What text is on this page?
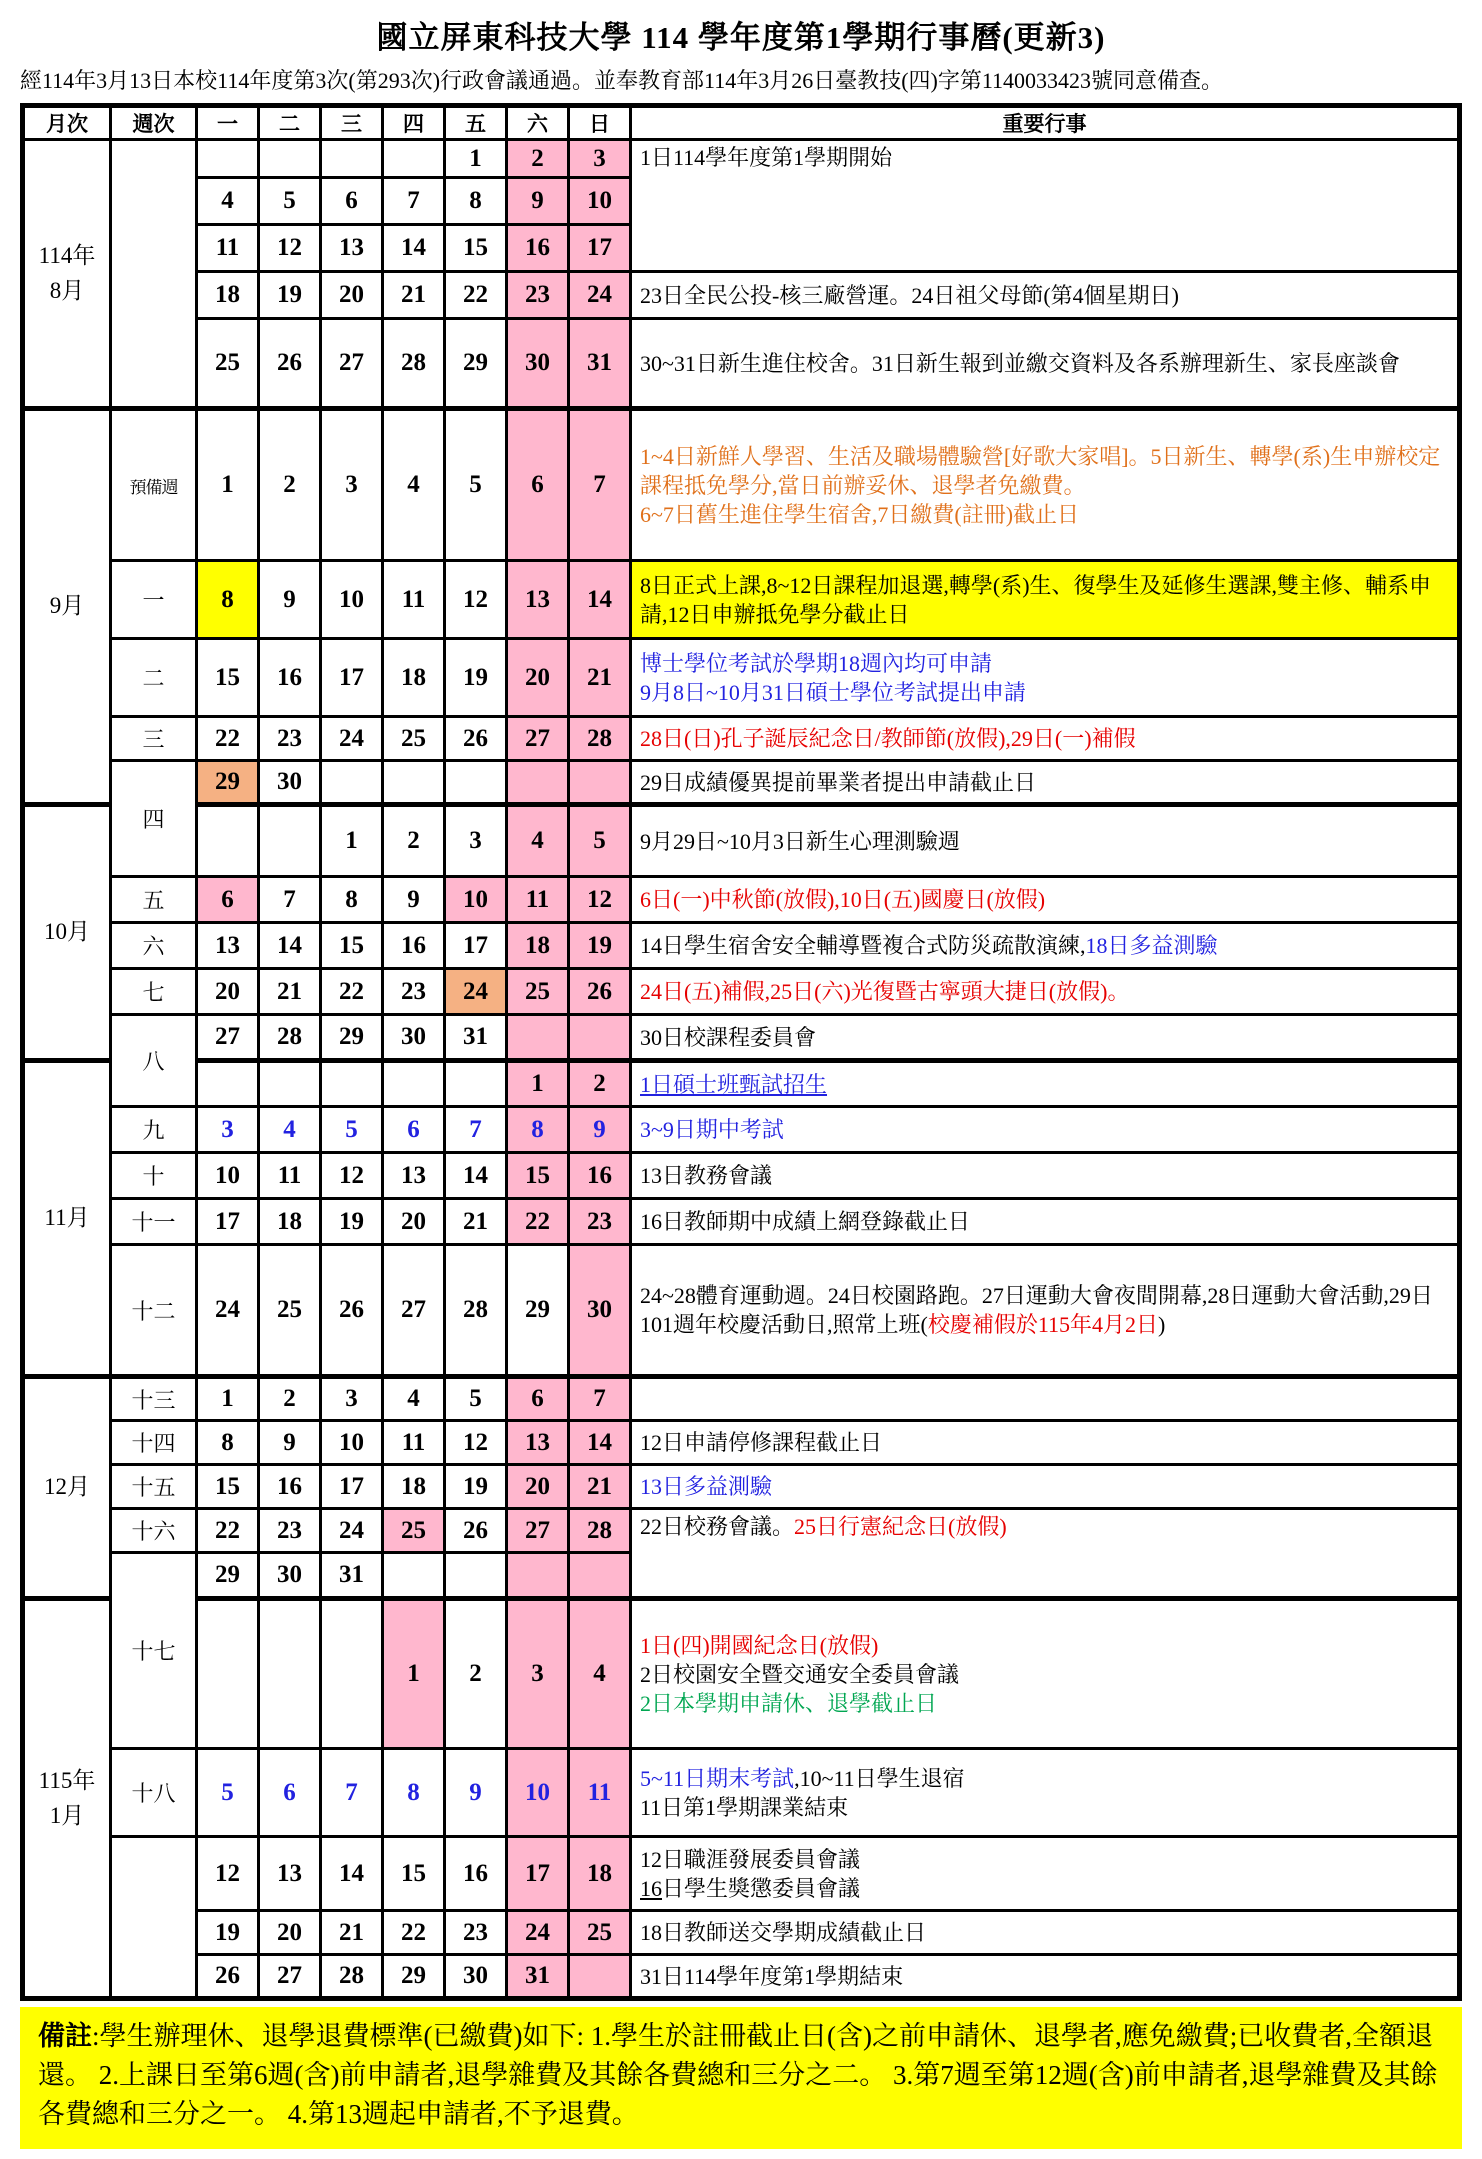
國立屏東科技大學 114 學年度第1學期行事曆(更新3)

經114年3月13日本校114年度第3次(第293次)行政會議通過。並奉教育部114年3月26日臺教技(四)字第1140033423號同意備查。

月次	週次	一	二	三	四	五	六	日	重要行事

114年
8月						1	2	3	1日114學年度第1學期開始

		4	5	6	7	8	9	10	
		11	12	13	14	15	16	17	
		18	19	20	21	22	23	24	23日全民公投-核三廠營運。24日祖父母節(第4個星期日)

		25	26	27	28	29	30	31	30~31日新生進住校舍。31日新生報到並繳交資料及各系辦理新生、家長座談會

9月	預備週	1	2	3	4	5	6	7	1~4日新鮮人學習、生活及職場體驗營[好歌大家唱]。5日新生、轉學(系)生申辦校定課程抵免學分,當日前辦妥休、退學者免繳費。
6~7日舊生進住學生宿舍,7日繳費(註冊)截止日

	一	8	9	10	11	12	13	14	8日正式上課,8~12日課程加退選,轉學(系)生、復學生及延修生選課,雙主修、輔系申請,12日申辦抵免學分截止日

	二	15	16	17	18	19	20	21	博士學位考試於學期18週內均可申請
9月8日~10月31日碩士學位考試提出申請

	三	22	23	24	25	26	27	28	28日(日)孔子誕辰紀念日/教師節(放假),29日(一)補假

	四	29	30						29日成績優異提前畢業者提出申請截止日

10月				1	2	3	4	5	9月29日~10月3日新生心理測驗週

	五	6	7	8	9	10	11	12	6日(一)中秋節(放假),10日(五)國慶日(放假)

	六	13	14	15	16	17	18	19	14日學生宿舍安全輔導暨複合式防災疏散演練,18日多益測驗

	七	20	21	22	23	24	25	26	24日(五)補假,25日(六)光復暨古寧頭大捷日(放假)。

	八	27	28	29	30	31			30日校課程委員會

11月							1	2	1日碩士班甄試招生

	九	3	4	5	6	7	8	9	3~9日期中考試

	十	10	11	12	13	14	15	16	13日教務會議

	十一	17	18	19	20	21	22	23	16日教師期中成績上網登錄截止日

	十二	24	25	26	27	28	29	30	24~28體育運動週。24日校園路跑。27日運動大會夜間開幕,28日運動大會活動,29日101週年校慶活動日,照常上班(校慶補假於115年4月2日)

12月	十三	1	2	3	4	5	6	7	
	十四	8	9	10	11	12	13	14	12日申請停修課程截止日

	十五	15	16	17	18	19	20	21	13日多益測驗

	十六	22	23	24	25	26	27	28	22日校務會議。25日行憲紀念日(放假)

	十七	29	30	31					

115年
1月
				1	2	3	4	
1日(四)開國紀念日(放假)
2日校園安全暨交通安全委員會議
2日本學期申請休、退學截止日

	十八	5	6	7	8	9	10	11	5~11日期末考試,10~11日學生退宿
11日第1學期課業結束

		12	13	14	15	16	17	18	12日職涯發展委員會議
16日學生獎懲委員會議

		19	20	21	22	23	24	25	18日教師送交學期成績截止日

		26	27	28	29	30	31		31日114學年度第1學期結束
備註:學生辦理休、退學退費標準(已繳費)如下: 1.學生於註冊截止日(含)之前申請休、退學者,應免繳費;已收費者,全額退還。 2.上課日至第6週(含)前申請者,退學雜費及其餘各費總和三分之二。 3.第7週至第12週(含)前申請者,退學雜費及其餘各費總和三分之一。 4.第13週起申請者,不予退費。
